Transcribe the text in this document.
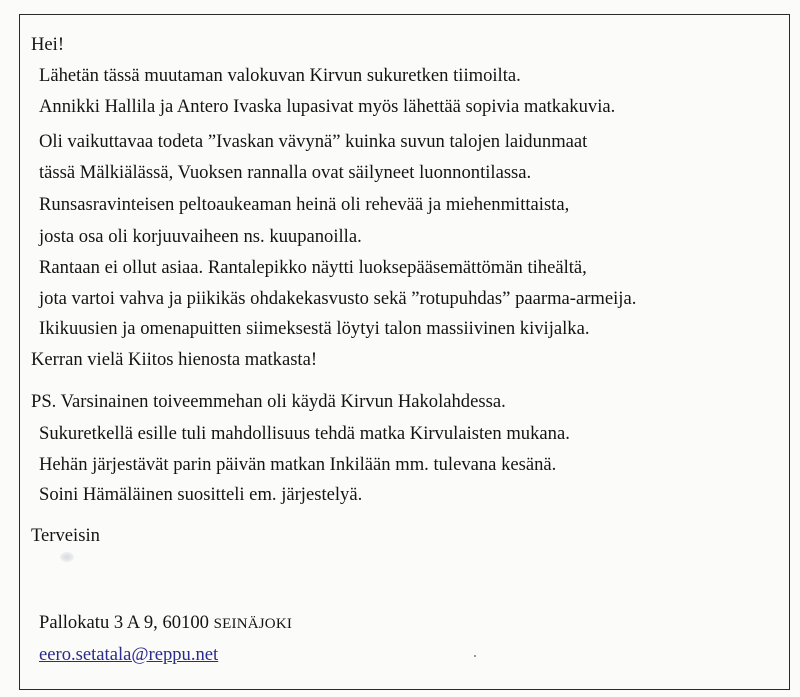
Hei!
Lähetän tässä muutaman valokuvan Kirvun sukuretken tiimoilta.
Annikki Hallila ja Antero Ivaska lupasivat myös lähettää sopivia matkakuvia.
Oli vaikuttavaa todeta ”Ivaskan vävynä” kuinka suvun talojen laidunmaat
tässä Mälkiälässä, Vuoksen rannalla ovat säilyneet luonnontilassa.
Runsasravinteisen peltoaukeaman heinä oli rehevää ja miehenmittaista,
josta osa oli korjuuvaiheen ns. kuupanoilla.
Rantaan ei ollut asiaa. Rantalepikko näytti luoksepääsemättömän tiheältä,
jota vartoi vahva ja piikikäs ohdakekasvusto sekä ”rotupuhdas” paarma-armeija.
Ikikuusien ja omenapuitten siimeksestä löytyi talon massiivinen kivijalka.
Kerran vielä Kiitos hienosta matkasta!
PS. Varsinainen toiveemmehan oli käydä Kirvun Hakolahdessa.
Sukuretkellä esille tuli mahdollisuus tehdä matka Kirvulaisten mukana.
Hehän järjestävät parin päivän matkan Inkilään mm. tulevana kesänä.
Soini Hämäläinen suositteli em. järjestelyä.
Terveisin
Pallokatu 3 A 9, 60100 SEINÄJOKI
eero.setatala@reppu.net
